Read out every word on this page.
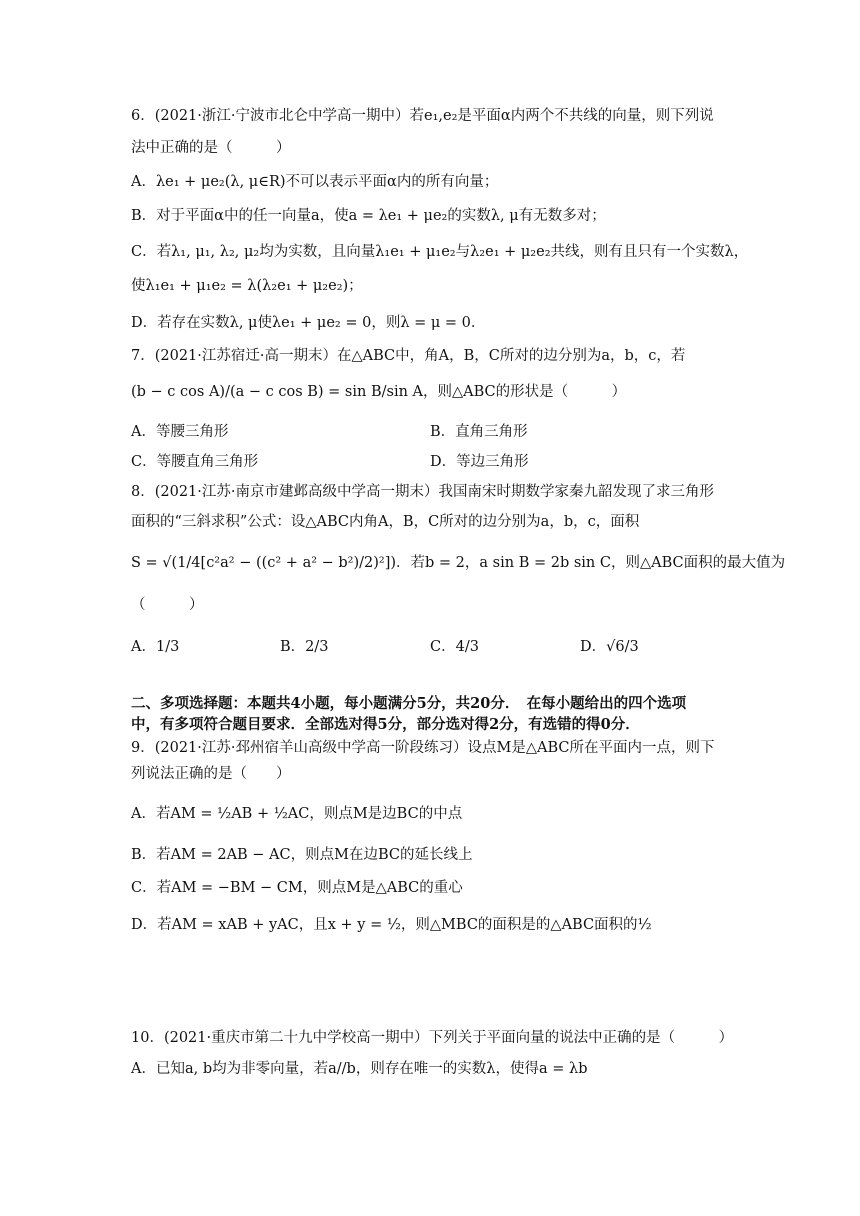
6．(2021·浙江·宁波市北仑中学高一期中）若e₁,e₂是平面α内两个不共线的向量，则下列说
法中正确的是（　　　）
A．λe₁ + μe₂(λ, μ∈R)不可以表示平面α内的所有向量；
B．对于平面α中的任一向量a，使a = λe₁ + μe₂的实数λ, μ有无数多对；
C．若λ₁, μ₁, λ₂, μ₂均为实数，且向量λ₁e₁ + μ₁e₂与λ₂e₁ + μ₂e₂共线，则有且只有一个实数λ，
使λ₁e₁ + μ₁e₂ = λ(λ₂e₁ + μ₂e₂)；
D．若存在实数λ, μ使λe₁ + μe₂ = 0，则λ = μ = 0．
7．(2021·江苏宿迁·高一期末）在△ABC中，角A，B，C所对的边分别为a，b，c，若
(b − c cos A)/(a − c cos B) = sin B/sin A，则△ABC的形状是（　　　）
A．等腰三角形	B．直角三角形
C．等腰直角三角形	D．等边三角形
8．(2021·江苏·南京市建邺高级中学高一期末）我国南宋时期数学家秦九韶发现了求三角形
面积的“三斜求积”公式：设△ABC内角A，B，C所对的边分别为a，b，c，面积
S = √(1/4[c²a² − ((c² + a² − b²)/2)²])．若b = 2，a sin B = 2b sin C，则△ABC面积的最大值为
（　　　）
A．1/3	B．2/3	C．4/3	D．√6/3
二、多项选择题：本题共4小题，每小题满分5分，共20分．　在每小题给出的四个选项
中，有多项符合题目要求．全部选对得5分，部分选对得2分，有选错的得0分．
9．(2021·江苏·邳州宿羊山高级中学高一阶段练习）设点M是△ABC所在平面内一点，则下
列说法正确的是（　　）
A．若AM = ½AB + ½AC，则点M是边BC的中点
B．若AM = 2AB − AC，则点M在边BC的延长线上
C．若AM = −BM − CM，则点M是△ABC的重心
D．若AM = xAB + yAC，且x + y = ½，则△MBC的面积是的△ABC面积的½
10．(2021·重庆市第二十九中学校高一期中）下列关于平面向量的说法中正确的是（　　　）
A．已知a, b均为非零向量，若a//b，则存在唯一的实数λ，使得a = λb
